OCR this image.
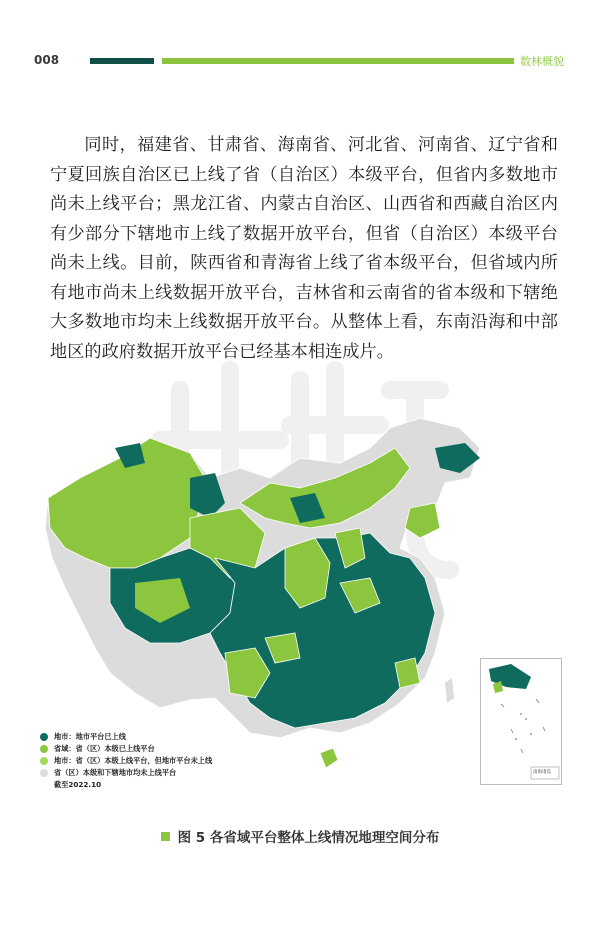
008	数林概貌

同时，福建省、甘肃省、海南省、河北省、河南省、辽宁省和宁夏回族自治区已上线了省（自治区）本级平台，但省内多数地市尚未上线平台；黑龙江省、内蒙古自治区、山西省和西藏自治区内有少部分下辖地市上线了数据开放平台，但省（自治区）本级平台尚未上线。目前，陕西省和青海省上线了省本级平台，但省域内所有地市尚未上线数据开放平台，吉林省和云南省的省本级和下辖绝大多数地市均未上线数据开放平台。从整体上看，东南沿海和中部地区的政府数据开放平台已经基本相连成片。

南海诸岛
地市：地市平台已上线
省域：省（区）本级已上线平台
地市：省（区）本级上线平台，但地市平台未上线
省（区）本级和下辖地市均未上线平台
截至2022.10
图 5 各省域平台整体上线情况地理空间分布
